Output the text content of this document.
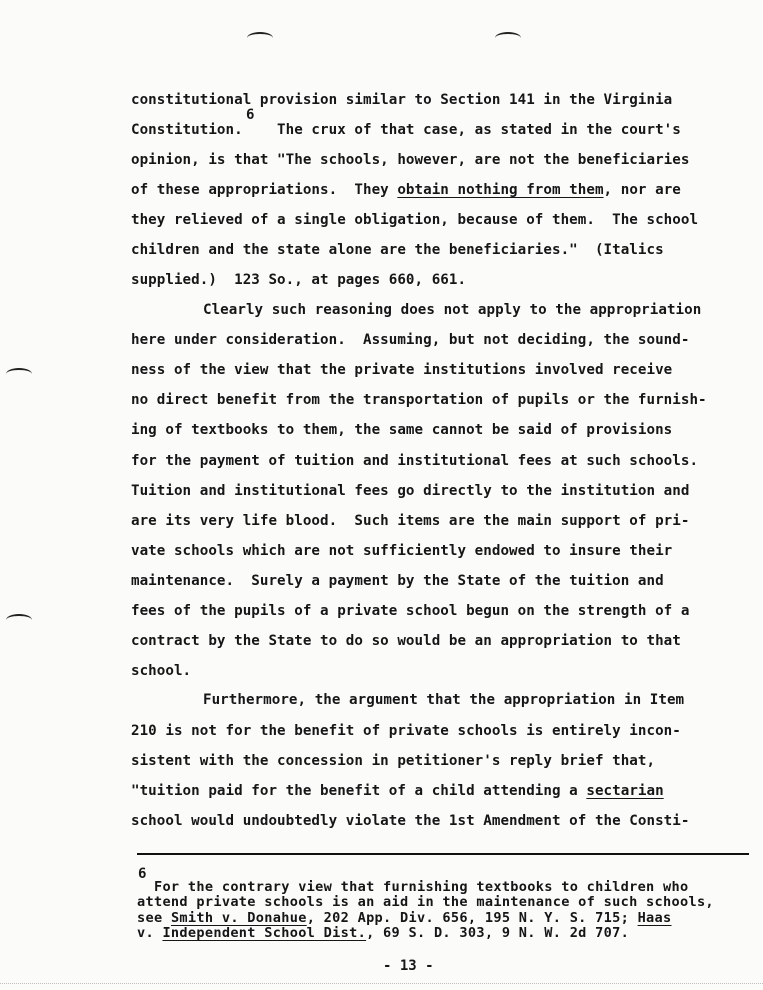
constitutional provision similar to Section 141 in the Virginia
6
Constitution.    The crux of that case, as stated in the court's
opinion, is that "The schools, however, are not the beneficiaries
of these appropriations.  They obtain nothing from them, nor are
they relieved of a single obligation, because of them.  The school
children and the state alone are the beneficiaries."  (Italics
supplied.)  123 So., at pages 660, 661.
Clearly such reasoning does not apply to the appropriation
here under consideration.  Assuming, but not deciding, the sound-
ness of the view that the private institutions involved receive
no direct benefit from the transportation of pupils or the furnish-
ing of textbooks to them, the same cannot be said of provisions
for the payment of tuition and institutional fees at such schools.
Tuition and institutional fees go directly to the institution and
are its very life blood.  Such items are the main support of pri-
vate schools which are not sufficiently endowed to insure their
maintenance.  Surely a payment by the State of the tuition and
fees of the pupils of a private school begun on the strength of a
contract by the State to do so would be an appropriation to that
school.
Furthermore, the argument that the appropriation in Item
210 is not for the benefit of private schools is entirely incon-
sistent with the concession in petitioner's reply brief that,
"tuition paid for the benefit of a child attending a sectarian
school would undoubtedly violate the 1st Amendment of the Consti-
6
For the contrary view that furnishing textbooks to children who
attend private schools is an aid in the maintenance of such schools,
see Smith v. Donahue, 202 App. Div. 656, 195 N. Y. S. 715; Haas
v. Independent School Dist., 69 S. D. 303, 9 N. W. 2d 707.
- 13 -
